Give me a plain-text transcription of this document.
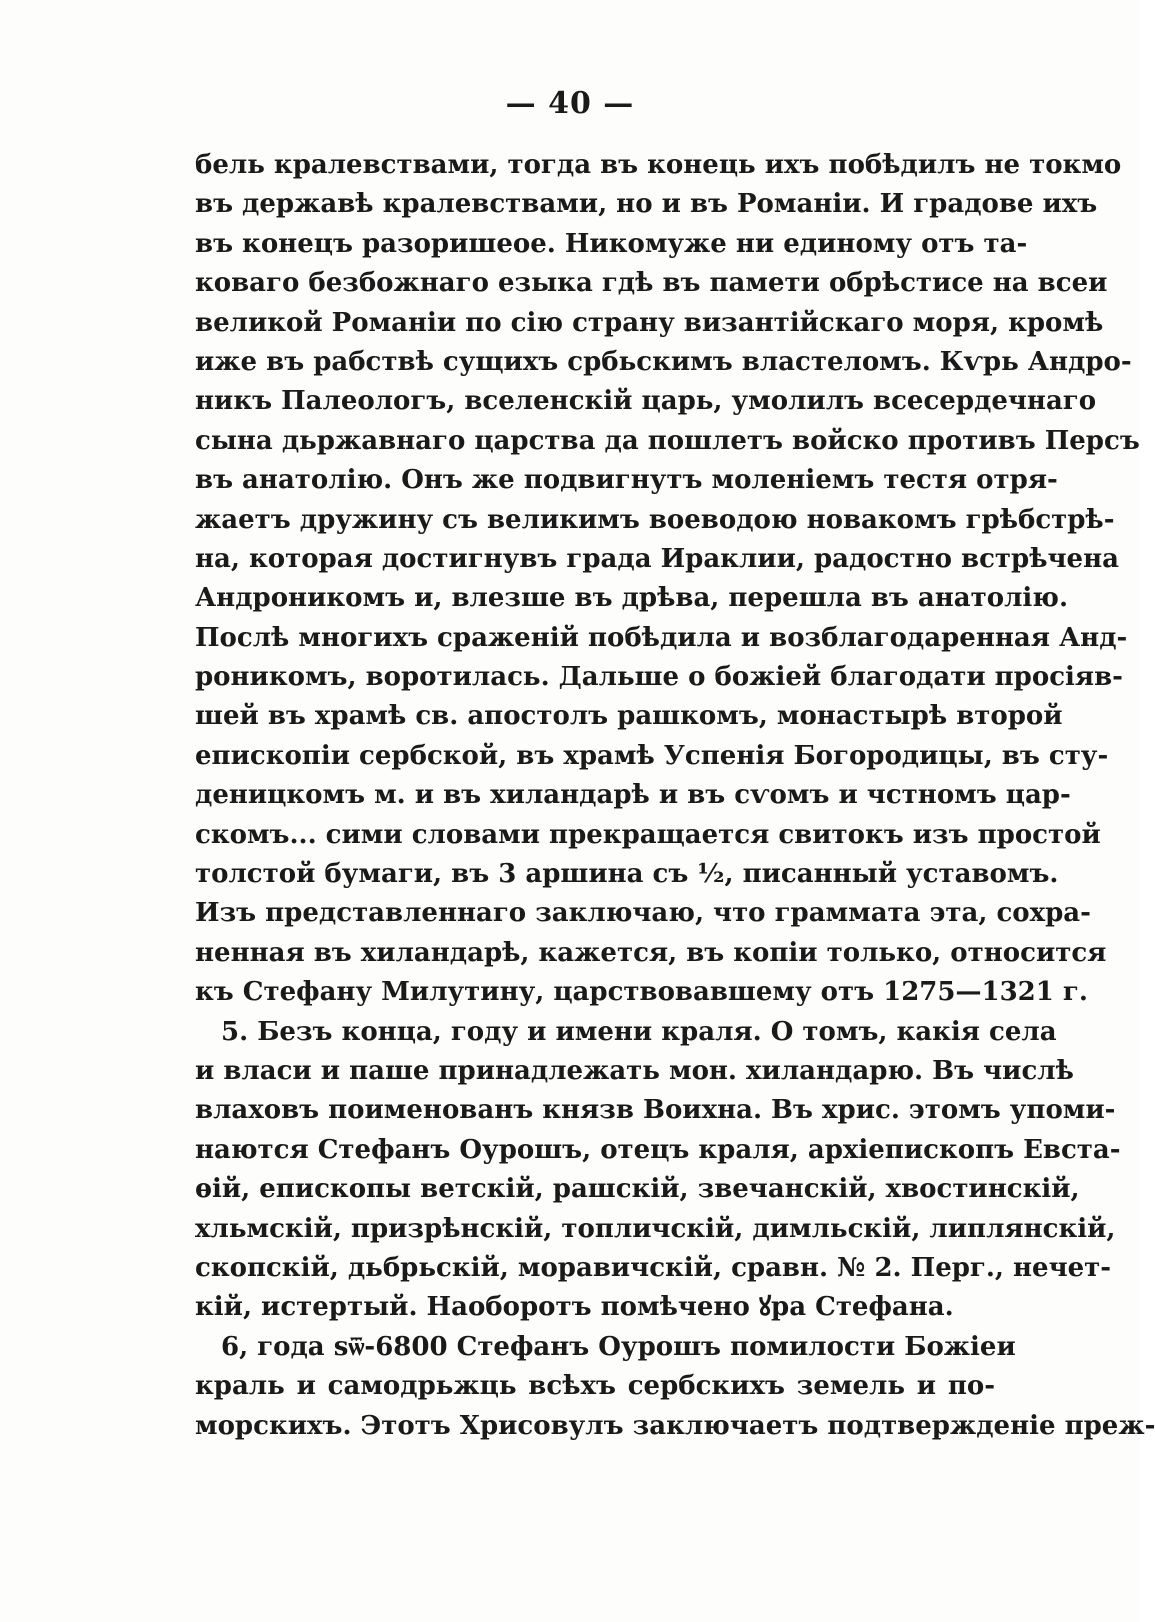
— 40 —
бель кралевствами, тогда въ конець ихъ побѣдилъ не токмо
въ державѣ кралевствами, но и въ Романіи. И градове ихъ
въ конецъ разоришеое. Никомуже ни единому отъ та-
коваго безбожнаго езыка гдѣ въ памети обрѣстисе на всеи
великой Романіи по сію страну византійскаго моря, кромѣ
иже въ рабствѣ сущихъ србьскимъ властеломъ. Кѵрь Андро-
никъ Палеологъ, вселенскій царь, умолилъ всесердечнаго
сына дьржавнаго царства да пошлетъ войско противъ Персъ
въ анатолію. Онъ же подвигнутъ моленіемъ тестя отря-
жаетъ дружину съ великимъ воеводою новакомъ грѣбстрѣ-
на, которая достигнувъ града Ираклии, радостно встрѣчена
Андроникомъ и, влезше въ дрѣва, перешла въ анатолію.
Послѣ многихъ сраженій побѣдила и возблагодаренная Анд-
роникомъ, воротилась. Дальше о божіей благодати просіяв-
шей въ храмѣ св. апостолъ рашкомъ, монастырѣ второй
епископіи сербской, въ храмѣ Успенія Богородицы, въ сту-
деницкомъ м. и въ хиландарѣ и въ сѵомъ и чстномъ цар-
скомъ... сими словами прекращается свитокъ изъ простой
толстой бумаги, въ 3 аршина съ ½, писанный уставомъ.
Изъ представленнаго заключаю, что граммата эта, сохра-
ненная въ хиландарѣ, кажется, въ копіи только, относится
къ Стефану Милутину, царствовавшему отъ 1275—1321 г.
5. Безъ конца, году и имени краля. О томъ, какія села
и власи и паше принадлежать мон. хиландарю. Въ числѣ
влаховъ поименованъ князв Воихна. Въ хрис. этомъ упоми-
наются Стефанъ Оурошъ, отецъ краля, архіепископъ Евста-
ѳій, епископы ветскій, рашскій, звечанскій, хвостинскій,
хльмскій, призрѣнскій, топличскій, димльскій, липлянскій,
скопскій, дьбрьскій, моравичскій, сравн. № 2. Перг., нечет-
кій, истертый. Наоборотъ помѣчено ꙋра Стефана.
6, года ѕѿ-6800 Стефанъ Оурошъ помилости Божіеи
краль и самодрьжць всѣхъ сербскихъ земель и по-
морскихъ. Этотъ Хрисовулъ заключаетъ подтвержденіе преж-
